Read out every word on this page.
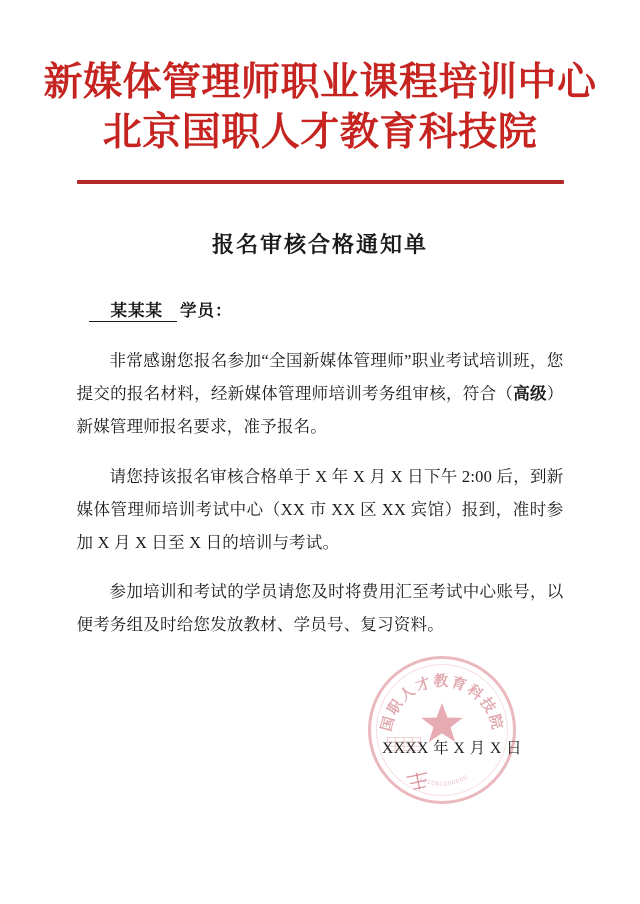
新媒体管理师职业课程培训中心
北京国职人才教育科技院
报名审核合格通知单
某某某 学员：

非常感谢您报名参加“全国新媒体管理师”职业考试培训班，您提交的报名材料，经新媒体管理师培训考务组审核，符合（高级）新媒管理师报名要求，准予报名。

请您持该报名审核合格单于 X 年 X 月 X 日下午 2:00 后，到新媒体管理师培训考试中心（XX 市 XX 区 XX 宾馆）报到，准时参加 X 月 X 日至 X 日的培训与考试。

参加培训和考试的学员请您及时将费用汇至考试中心账号，以便考务组及时给您发放教材、学员号、复习资料。

国职人才教育科技院
1101081000000
XXXX 年 X 月 X 日
